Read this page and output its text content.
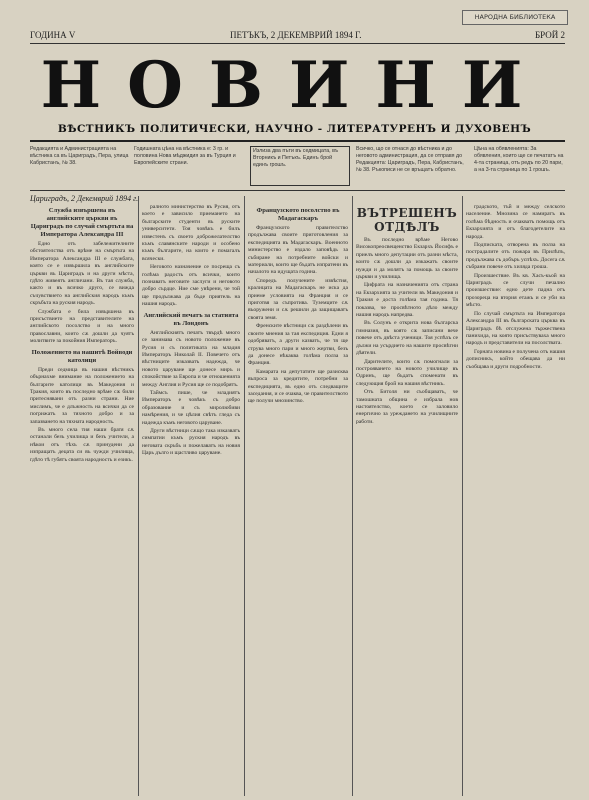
НАРОДНА БИБЛИОТЕКА
ГОДИНА V	ПЕТЪКЪ, 2 ДЕКЕМВРИЙ 1894 Г.	БРОЙ 2
НОВИНИ
ВѢСТНИКЪ ПОЛИТИЧЕСКИ, НАУЧНО - ЛИТЕРАТУРЕНЪ И ДУХОВЕНЪ
Редакцията и Администрацията на вѣстника са въ Цариградъ, Пера, улица Кабристанъ, № 38.
Годишната цѣна на вѣстника е: 3 гр. и половина Нова мѣджидия за въ Турция и Европейските страни.
Излиза два пъти въ седмицата, въ Вторникъ и Петъкъ. Единъ брой единъ грошъ.
Всичко, що се отнася до вѣстника и до неговото администрация, да се отправя до Редакцията: Цариградъ, Пера, Кабристанъ, № 38. Ръкописи не се връщатъ обратно.
Цѣна на обявленията: За обявления, които ще се печататъ на 4-та страница, отъ редъ по 20 пари, а на 3-та страница по 1 грошъ.
Цариградъ, 2 Декемврий 1894 г.
Служба извършена въ английските църкви въ Цариградъ по случай смъртьта на Императора Александра III

Едно отъ забележителните обстоятелства отъ врѣме на смъртьта на Императора Александра III е службата, която се е извършила въ английските църкви въ Цариградъ и на други мѣста, гдѣто живеятъ англичани. Въ тая служба, както и въ всичко друго, се вижда съчувствието на английския народъ къмъ скръбьта на руския народъ.

Службата е била извършена въ присъствието на представителите на английското посолство и на много православни, които сѫ дошли да чуятъ молитвите за покойния Императоръ.

Положението на нашитѣ Войводи католици

Преди седмица въ нашия вѣстникъ обърнахме внимание на положението на българите католици въ Македония и Тракия, които въ последно врѣме сѫ били притеснявани отъ разни страни. Ние мислимъ, че е длъжность на всички да се погрижатъ за тяхното добро и за запазването на тяхната народность.

Въ много села тия наши братя сѫ останали безъ училища и безъ учители, а нѣкои отъ тѣхъ сѫ принудени да изпращатъ децата си въ чужди училища, гдѣто тѣ губятъ своята народность и езикъ.

ралното министерство въ Русия, отъ което е зависило приемането на българските студенти въ руските университети. Тоя човѣкъ е билъ известенъ съ своето доброжелателство къмъ славянските народи и особено къмъ българите, на които е помагалъ всячески.

Неговото назначение се посреща съ голѣма радость отъ всички, които познаватъ неговите заслуги и неговото добро сърдце. Ние сме увѣрени, че той ще продължава да бъде приятель на нашия народъ.

Английский печатъ за статията въ Лондонъ

Английскиятъ печатъ твърдѣ много се занимава съ новото положение въ Русия и съ политиката на младия Императоръ Николай II. Повечето отъ вѣстниците изказватъ надежда, че новото царуване ще донесе миръ и спокойствие за Европа и че отношенията между Англия и Русия ще се подобрятъ.

Таймсъ пише, че младиятъ Императоръ е човѣкъ съ добро образование и съ миролюбиви намѣрения, и че цѣлия свѣтъ гледа съ надежда къмъ неговото царуване.

Други вѣстници сѫщо така изказватъ симпатии къмъ руския народъ въ неговата скръбь и пожелаватъ на новия Царь дълго и щастливо царуване.

Французското посолство въ Мадагаскаръ

Французското правителство продължава своите приготовления за експедицията въ Мадагаскаръ. Военното министерство е издало заповѣдь за събиране на потребните войски и материали, които ще бъдатъ изпратени въ началото на идущата година.

Споредъ получените извѣстия, кралицата на Мадагаскаръ не иска да приеме условията на Франция и се приготвя за съпротива. Туземците сѫ въоружени и сѫ решили да защищаватъ своята земя.

Френските вѣстници сѫ раздѣлени въ своите мнения за тая експедиция. Едни я одобряватъ, а други казватъ, че тя ще струва много пари и много жертви, безъ да донесе нѣкаква голѣма полза за Франция.

Камарата на депутатите ще разисква въпроса за кредитите, потребни за експедицията, въ едно отъ следващите заседания, и се очаква, че правителството ще получи мнозинство.

ВЪТРЕШЕНЪ ОТДѢЛЪ

Въ последно врѣме Негово Високопреосвещенство Екзархъ Йосифъ е приелъ много депутации отъ разни мѣста, които сѫ дошли да изкажатъ своите нужди и да молятъ за помощь за своите църкви и училища.

Цифрата на назначенията отъ страна на Екзархията за учители въ Македония и Тракия е доста голѣма тая година. Тя показва, че просвѣтното дѣло между нашия народъ напредва.

Въ Солунъ е открита нова българска гимназия, въ която сѫ записани вече повече отъ двѣста ученици. Тоя успѣхъ се дължи на усърдието на нашите просвѣтни дѣятели.

Дарителите, които сѫ помогнали за построяването на новото училище въ Одринъ, ще бъдатъ споменати въ следующия брой на нашия вѣстникъ.

Отъ Битоля ни съобщаватъ, че тамошната община е избрала нов настоятелство, което се заловило енергично за уреждането на училищните работи.

градското, тъй и между селското население. Мнозина се намиратъ въ голѣма бѣдность и очакватъ помощь отъ Екзархията и отъ благодетелите на народа.

Подписката, отворена въ полза на пострадалите отъ пожара въ Прилѣпъ, продължава съ добъръ успѣхъ. Досега сѫ събрани повече отъ хиляда гроша.

Произшествие. Въ кв. Хасъ-кьой на Цариградъ се случи печално произшествие: едно дете падна отъ прозореца на втория етажъ и се уби на мѣсто.

По случай смъртьта на Императора Александра III въ българската църква въ Цариградъ бѣ отслужена тържествена панихида, на която присъствуваха много народъ и представители на посолствата.

Горната новина е получена отъ нашия дописникъ, който обещава да ни съобщава и други подробности.
